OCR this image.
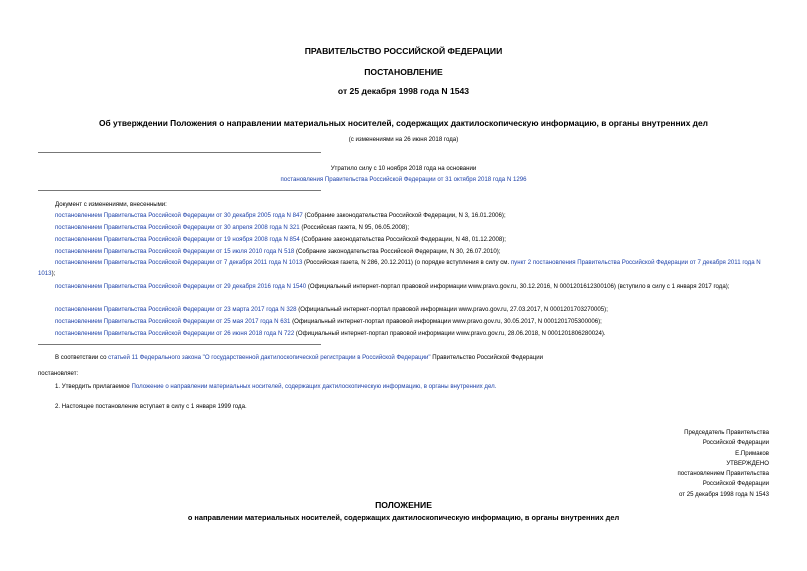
ПРАВИТЕЛЬСТВО РОССИЙСКОЙ ФЕДЕРАЦИИ
ПОСТАНОВЛЕНИЕ
от 25 декабря 1998 года N 1543
Об утверждении Положения о направлении материальных носителей, содержащих дактилоскопическую информацию, в органы внутренних дел
(с изменениями на 26 июня 2018 года)
Утратило силу с 10 ноября 2018 года на основании
постановления Правительства Российской Федерации от 31 октября 2018 года N 1296
Документ с изменениями, внесенными:
постановлением Правительства Российской Федерации от 30 декабря 2005 года N 847 (Собрание законодательства Российской Федерации, N 3, 16.01.2006);
постановлением Правительства Российской Федерации от 30 апреля 2008 года N 321 (Российская газета, N 95, 06.05.2008);
постановлением Правительства Российской Федерации от 19 ноября 2008 года N 854 (Собрание законодательства Российской Федерации, N 48, 01.12.2008);
постановлением Правительства Российской Федерации от 15 июля 2010 года N 518 (Собрание законодательства Российской Федерации, N 30, 26.07.2010);
постановлением Правительства Российской Федерации от 7 декабря 2011 года N 1013 (Российская газета, N 286, 20.12.2011) (о порядке вступления в силу см. пункт 2 постановления Правительства Российской Федерации от 7 декабря 2011 года N 1013);
постановлением Правительства Российской Федерации от 29 декабря 2016 года N 1540 (Официальный интернет-портал правовой информации www.pravo.gov.ru, 30.12.2016, N 0001201612300106) (вступило в силу с 1 января 2017 года);
постановлением Правительства Российской Федерации от 23 марта 2017 года N 328 (Официальный интернет-портал правовой информации www.pravo.gov.ru, 27.03.2017, N 0001201703270005);
постановлением Правительства Российской Федерации от 25 мая 2017 года N 631 (Официальный интернет-портал правовой информации www.pravo.gov.ru, 30.05.2017, N 0001201705300006);
постановлением Правительства Российской Федерации от 26 июня 2018 года N 722 (Официальный интернет-портал правовой информации www.pravo.gov.ru, 28.06.2018, N 0001201806280024).
В соответствии со статьей 11 Федерального закона "О государственной дактилоскопической регистрации в Российской Федерации" Правительство Российской Федерации
постановляет:
1. Утвердить прилагаемое Положение о направлении материальных носителей, содержащих дактилоскопическую информацию, в органы внутренних дел.
2. Настоящее постановление вступает в силу с 1 января 1999 года.
Председатель Правительства
Российской Федерации
Е.Примаков
УТВЕРЖДЕНО
постановлением Правительства
Российской Федерации
от 25 декабря 1998 года N 1543
ПОЛОЖЕНИЕ
о направлении материальных носителей, содержащих дактилоскопическую информацию, в органы внутренних дел
